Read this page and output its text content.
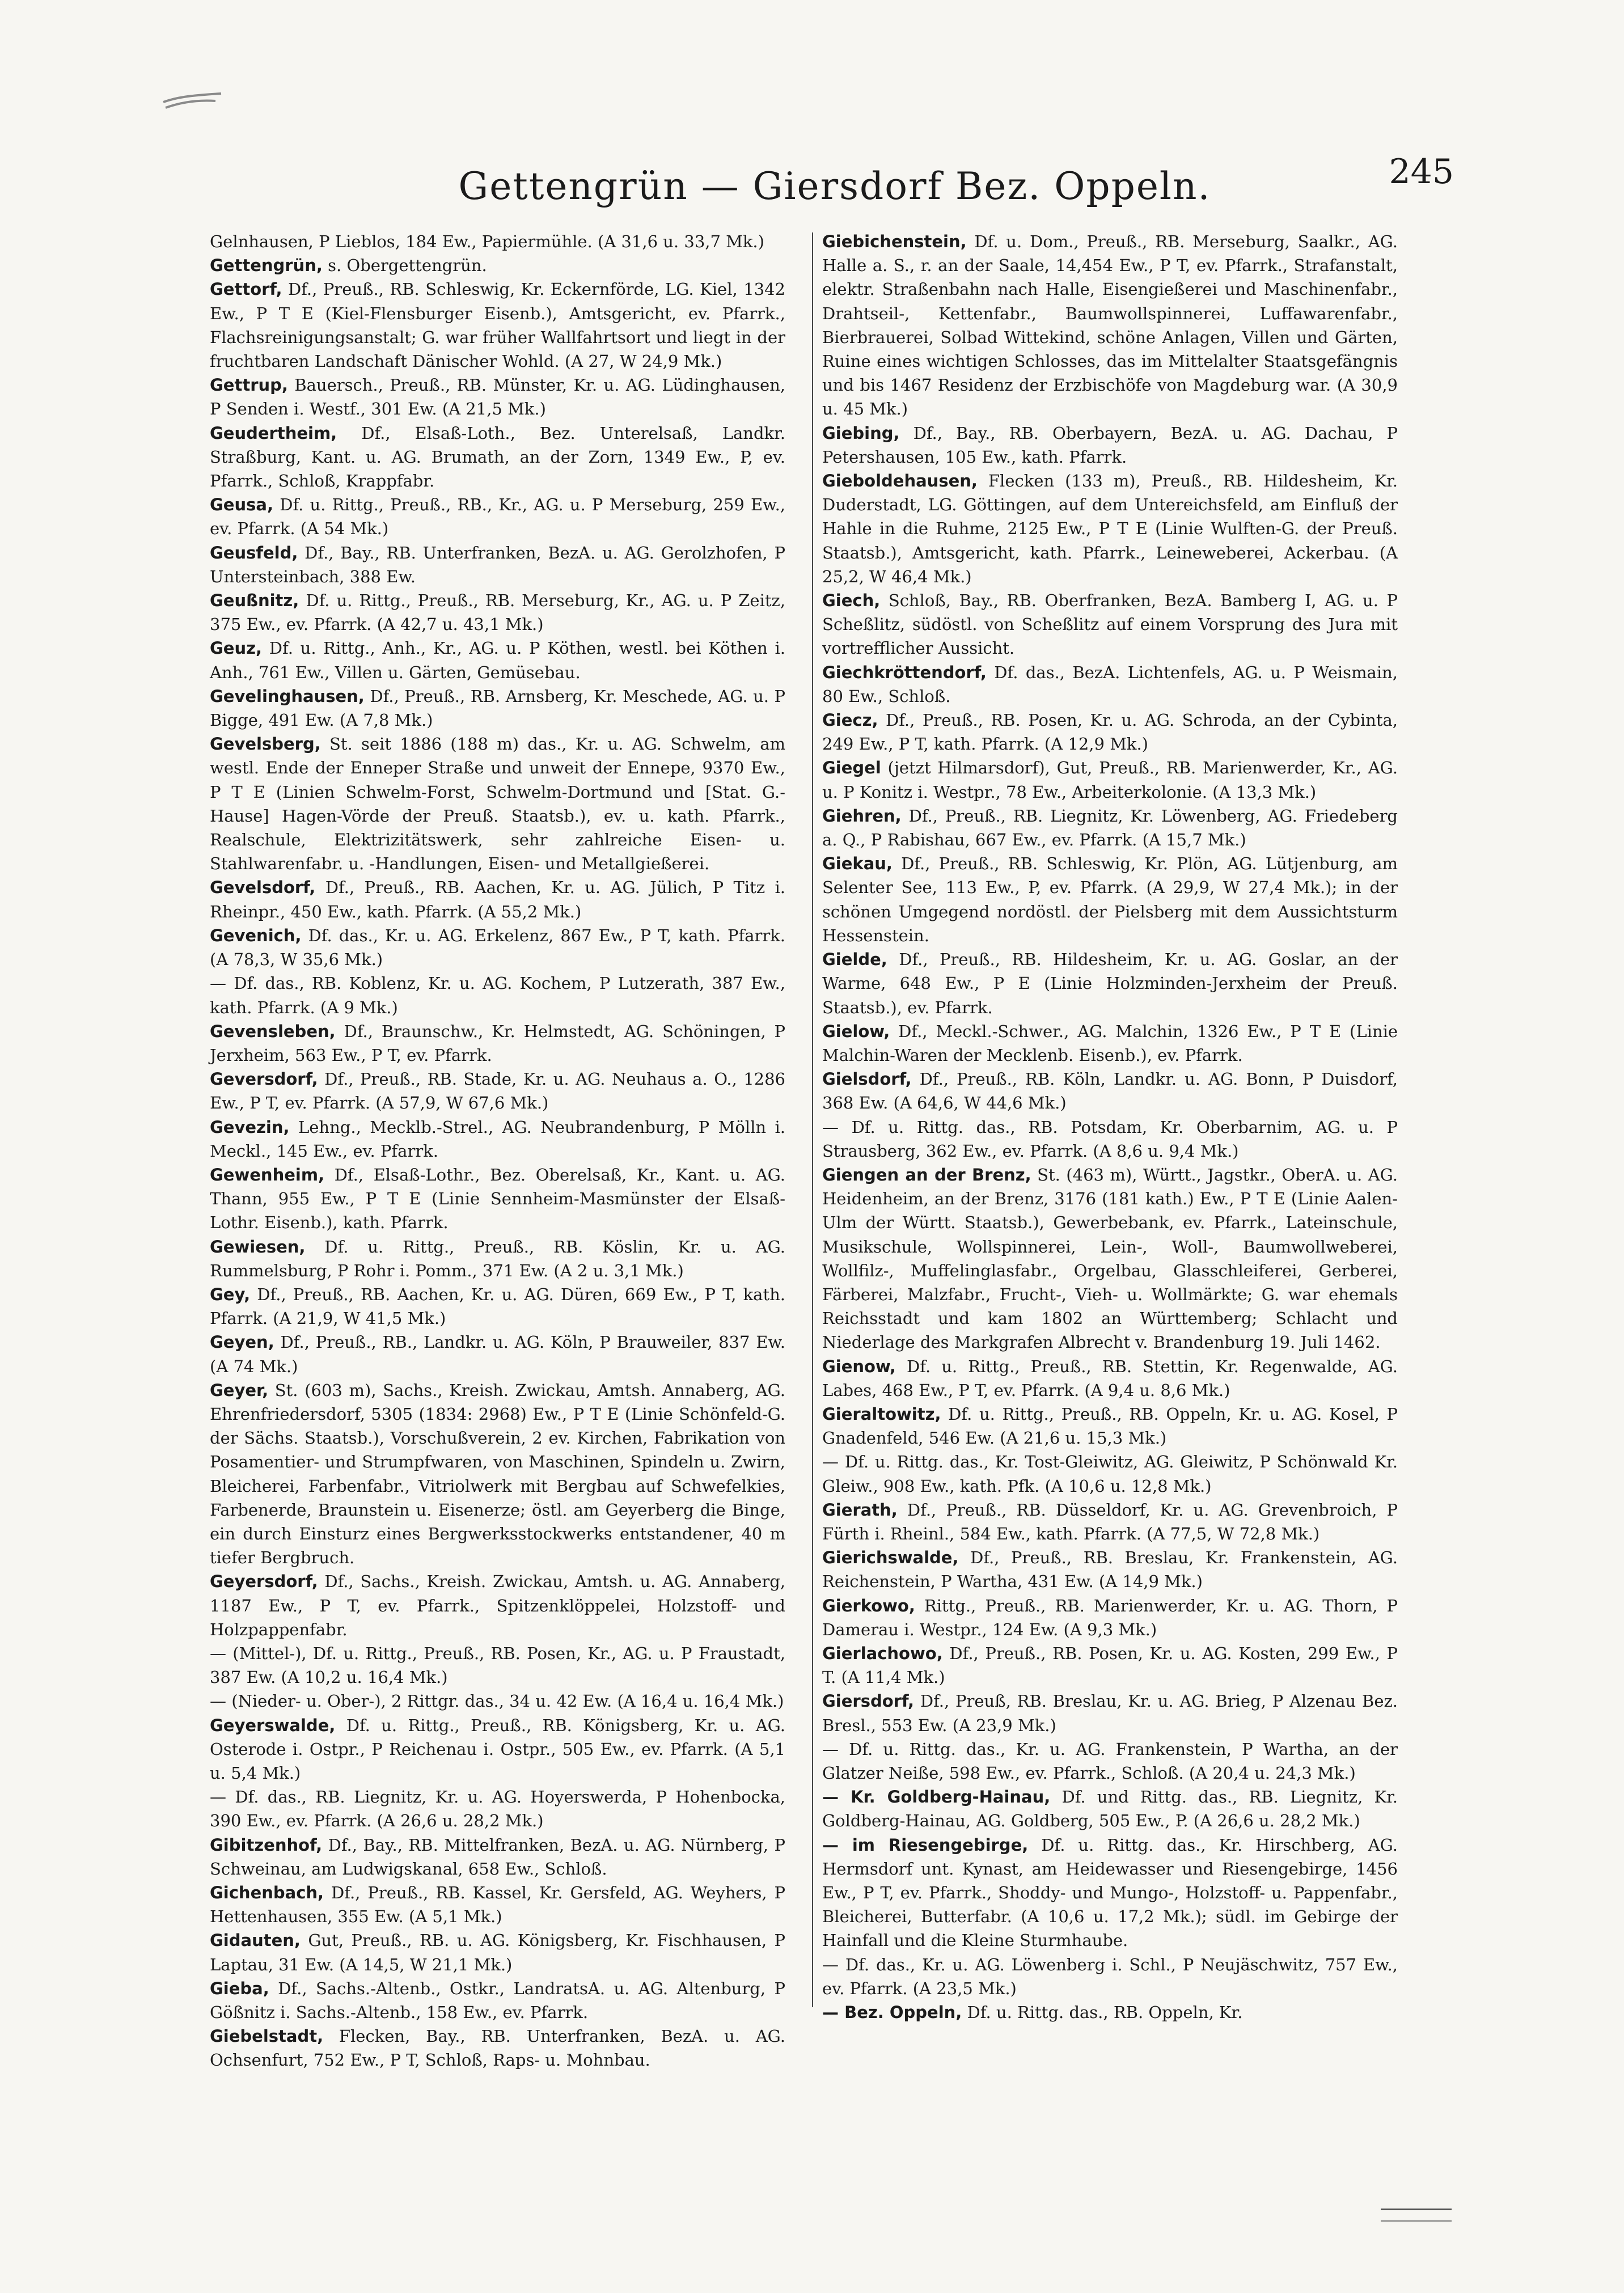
Gettengrün — Giersdorf Bez. Oppeln.	245

Gelnhausen, P Lieblos, 184 Ew., Papiermühle. (A 31,6 u. 33,7 Mk.)

Gettengrün, s. Obergettengrün.

Gettorf, Df., Preuß., RB. Schleswig, Kr. Eckernförde, LG. Kiel, 1342 Ew., P T E (Kiel-Flensburger Eisenb.), Amtsgericht, ev. Pfarrk., Flachsreinigungsanstalt; G. war früher Wallfahrtsort und liegt in der fruchtbaren Landschaft Dänischer Wohld. (A 27, W 24,9 Mk.)

Gettrup, Bauersch., Preuß., RB. Münster, Kr. u. AG. Lüdinghausen, P Senden i. Westf., 301 Ew. (A 21,5 Mk.)

Geudertheim, Df., Elsaß-Loth., Bez. Unterelsaß, Landkr. Straßburg, Kant. u. AG. Brumath, an der Zorn, 1349 Ew., P, ev. Pfarrk., Schloß, Krappfabr.

Geusa, Df. u. Rittg., Preuß., RB., Kr., AG. u. P Merseburg, 259 Ew., ev. Pfarrk. (A 54 Mk.)

Geusfeld, Df., Bay., RB. Unterfranken, BezA. u. AG. Gerolzhofen, P Untersteinbach, 388 Ew.

Geußnitz, Df. u. Rittg., Preuß., RB. Merseburg, Kr., AG. u. P Zeitz, 375 Ew., ev. Pfarrk. (A 42,7 u. 43,1 Mk.)

Geuz, Df. u. Rittg., Anh., Kr., AG. u. P Köthen, westl. bei Köthen i. Anh., 761 Ew., Villen u. Gärten, Gemüsebau.

Gevelinghausen, Df., Preuß., RB. Arnsberg, Kr. Meschede, AG. u. P Bigge, 491 Ew. (A 7,8 Mk.)

Gevelsberg, St. seit 1886 (188 m) das., Kr. u. AG. Schwelm, am westl. Ende der Enneper Straße und unweit der Ennepe, 9370 Ew., P T E (Linien Schwelm-Forst, Schwelm-Dortmund und [Stat. G.-Hause] Hagen-Vörde der Preuß. Staatsb.), ev. u. kath. Pfarrk., Realschule, Elektrizitätswerk, sehr zahlreiche Eisen- u. Stahlwarenfabr. u. -Handlungen, Eisen- und Metallgießerei.

Gevelsdorf, Df., Preuß., RB. Aachen, Kr. u. AG. Jülich, P Titz i. Rheinpr., 450 Ew., kath. Pfarrk. (A 55,2 Mk.)

Gevenich, Df. das., Kr. u. AG. Erkelenz, 867 Ew., P T, kath. Pfarrk. (A 78,3, W 35,6 Mk.)

— Df. das., RB. Koblenz, Kr. u. AG. Kochem, P Lutzerath, 387 Ew., kath. Pfarrk. (A 9 Mk.)

Gevensleben, Df., Braunschw., Kr. Helmstedt, AG. Schöningen, P Jerxheim, 563 Ew., P T, ev. Pfarrk.

Geversdorf, Df., Preuß., RB. Stade, Kr. u. AG. Neuhaus a. O., 1286 Ew., P T, ev. Pfarrk. (A 57,9, W 67,6 Mk.)

Gevezin, Lehng., Mecklb.-Strel., AG. Neubrandenburg, P Mölln i. Meckl., 145 Ew., ev. Pfarrk.

Gewenheim, Df., Elsaß-Lothr., Bez. Oberelsaß, Kr., Kant. u. AG. Thann, 955 Ew., P T E (Linie Sennheim-Masmünster der Elsaß-Lothr. Eisenb.), kath. Pfarrk.

Gewiesen, Df. u. Rittg., Preuß., RB. Köslin, Kr. u. AG. Rummelsburg, P Rohr i. Pomm., 371 Ew. (A 2 u. 3,1 Mk.)

Gey, Df., Preuß., RB. Aachen, Kr. u. AG. Düren, 669 Ew., P T, kath. Pfarrk. (A 21,9, W 41,5 Mk.)

Geyen, Df., Preuß., RB., Landkr. u. AG. Köln, P Brauweiler, 837 Ew. (A 74 Mk.)

Geyer, St. (603 m), Sachs., Kreish. Zwickau, Amtsh. Annaberg, AG. Ehrenfriedersdorf, 5305 (1834: 2968) Ew., P T E (Linie Schönfeld-G. der Sächs. Staatsb.), Vorschußverein, 2 ev. Kirchen, Fabrikation von Posamentier- und Strumpfwaren, von Maschinen, Spindeln u. Zwirn, Bleicherei, Farbenfabr., Vitriolwerk mit Bergbau auf Schwefelkies, Farbenerde, Braunstein u. Eisenerze; östl. am Geyerberg die Binge, ein durch Einsturz eines Bergwerksstockwerks entstandener, 40 m tiefer Bergbruch.

Geyersdorf, Df., Sachs., Kreish. Zwickau, Amtsh. u. AG. Annaberg, 1187 Ew., P T, ev. Pfarrk., Spitzenklöppelei, Holzstoff- und Holzpappenfabr.

— (Mittel-), Df. u. Rittg., Preuß., RB. Posen, Kr., AG. u. P Fraustadt, 387 Ew. (A 10,2 u. 16,4 Mk.)

— (Nieder- u. Ober-), 2 Rittgr. das., 34 u. 42 Ew. (A 16,4 u. 16,4 Mk.)

Geyerswalde, Df. u. Rittg., Preuß., RB. Königsberg, Kr. u. AG. Osterode i. Ostpr., P Reichenau i. Ostpr., 505 Ew., ev. Pfarrk. (A 5,1 u. 5,4 Mk.)

— Df. das., RB. Liegnitz, Kr. u. AG. Hoyerswerda, P Hohenbocka, 390 Ew., ev. Pfarrk. (A 26,6 u. 28,2 Mk.)

Gibitzenhof, Df., Bay., RB. Mittelfranken, BezA. u. AG. Nürnberg, P Schweinau, am Ludwigskanal, 658 Ew., Schloß.

Gichenbach, Df., Preuß., RB. Kassel, Kr. Gersfeld, AG. Weyhers, P Hettenhausen, 355 Ew. (A 5,1 Mk.)

Gidauten, Gut, Preuß., RB. u. AG. Königsberg, Kr. Fischhausen, P Laptau, 31 Ew. (A 14,5, W 21,1 Mk.)

Gieba, Df., Sachs.-Altenb., Ostkr., LandratsA. u. AG. Altenburg, P Gößnitz i. Sachs.-Altenb., 158 Ew., ev. Pfarrk.

Giebelstadt, Flecken, Bay., RB. Unterfranken, BezA. u. AG. Ochsenfurt, 752 Ew., P T, Schloß, Raps- u. Mohnbau.

Giebichenstein, Df. u. Dom., Preuß., RB. Merseburg, Saalkr., AG. Halle a. S., r. an der Saale, 14,454 Ew., P T, ev. Pfarrk., Strafanstalt, elektr. Straßenbahn nach Halle, Eisengießerei und Maschinenfabr., Drahtseil-, Kettenfabr., Baumwollspinnerei, Luffawarenfabr., Bierbrauerei, Solbad Wittekind, schöne Anlagen, Villen und Gärten, Ruine eines wichtigen Schlosses, das im Mittelalter Staatsgefängnis und bis 1467 Residenz der Erzbischöfe von Magdeburg war. (A 30,9 u. 45 Mk.)

Giebing, Df., Bay., RB. Oberbayern, BezA. u. AG. Dachau, P Petershausen, 105 Ew., kath. Pfarrk.

Gieboldehausen, Flecken (133 m), Preuß., RB. Hildesheim, Kr. Duderstadt, LG. Göttingen, auf dem Untereichsfeld, am Einfluß der Hahle in die Ruhme, 2125 Ew., P T E (Linie Wulften-G. der Preuß. Staatsb.), Amtsgericht, kath. Pfarrk., Leineweberei, Ackerbau. (A 25,2, W 46,4 Mk.)

Giech, Schloß, Bay., RB. Oberfranken, BezA. Bamberg I, AG. u. P Scheßlitz, südöstl. von Scheßlitz auf einem Vorsprung des Jura mit vortrefflicher Aussicht.

Giechkröttendorf, Df. das., BezA. Lichtenfels, AG. u. P Weismain, 80 Ew., Schloß.

Giecz, Df., Preuß., RB. Posen, Kr. u. AG. Schroda, an der Cybinta, 249 Ew., P T, kath. Pfarrk. (A 12,9 Mk.)

Giegel (jetzt Hilmarsdorf), Gut, Preuß., RB. Marienwerder, Kr., AG. u. P Konitz i. Westpr., 78 Ew., Arbeiterkolonie. (A 13,3 Mk.)

Giehren, Df., Preuß., RB. Liegnitz, Kr. Löwenberg, AG. Friedeberg a. Q., P Rabishau, 667 Ew., ev. Pfarrk. (A 15,7 Mk.)

Giekau, Df., Preuß., RB. Schleswig, Kr. Plön, AG. Lütjenburg, am Selenter See, 113 Ew., P, ev. Pfarrk. (A 29,9, W 27,4 Mk.); in der schönen Umgegend nordöstl. der Pielsberg mit dem Aussichtsturm Hessenstein.

Gielde, Df., Preuß., RB. Hildesheim, Kr. u. AG. Goslar, an der Warme, 648 Ew., P E (Linie Holzminden-Jerxheim der Preuß. Staatsb.), ev. Pfarrk.

Gielow, Df., Meckl.-Schwer., AG. Malchin, 1326 Ew., P T E (Linie Malchin-Waren der Mecklenb. Eisenb.), ev. Pfarrk.

Gielsdorf, Df., Preuß., RB. Köln, Landkr. u. AG. Bonn, P Duisdorf, 368 Ew. (A 64,6, W 44,6 Mk.)

— Df. u. Rittg. das., RB. Potsdam, Kr. Oberbarnim, AG. u. P Strausberg, 362 Ew., ev. Pfarrk. (A 8,6 u. 9,4 Mk.)

Giengen an der Brenz, St. (463 m), Württ., Jagstkr., OberA. u. AG. Heidenheim, an der Brenz, 3176 (181 kath.) Ew., P T E (Linie Aalen-Ulm der Württ. Staatsb.), Gewerbebank, ev. Pfarrk., Lateinschule, Musikschule, Wollspinnerei, Lein-, Woll-, Baumwollweberei, Wollfilz-, Muffelinglasfabr., Orgelbau, Glasschleiferei, Gerberei, Färberei, Malzfabr., Frucht-, Vieh- u. Wollmärkte; G. war ehemals Reichsstadt und kam 1802 an Württemberg; Schlacht und Niederlage des Markgrafen Albrecht v. Brandenburg 19. Juli 1462.

Gienow, Df. u. Rittg., Preuß., RB. Stettin, Kr. Regenwalde, AG. Labes, 468 Ew., P T, ev. Pfarrk. (A 9,4 u. 8,6 Mk.)

Gieraltowitz, Df. u. Rittg., Preuß., RB. Oppeln, Kr. u. AG. Kosel, P Gnadenfeld, 546 Ew. (A 21,6 u. 15,3 Mk.)

— Df. u. Rittg. das., Kr. Tost-Gleiwitz, AG. Gleiwitz, P Schönwald Kr. Gleiw., 908 Ew., kath. Pfk. (A 10,6 u. 12,8 Mk.)

Gierath, Df., Preuß., RB. Düsseldorf, Kr. u. AG. Grevenbroich, P Fürth i. Rheinl., 584 Ew., kath. Pfarrk. (A 77,5, W 72,8 Mk.)

Gierichswalde, Df., Preuß., RB. Breslau, Kr. Frankenstein, AG. Reichenstein, P Wartha, 431 Ew. (A 14,9 Mk.)

Gierkowo, Rittg., Preuß., RB. Marienwerder, Kr. u. AG. Thorn, P Damerau i. Westpr., 124 Ew. (A 9,3 Mk.)

Gierlachowo, Df., Preuß., RB. Posen, Kr. u. AG. Kosten, 299 Ew., P T. (A 11,4 Mk.)

Giersdorf, Df., Preuß, RB. Breslau, Kr. u. AG. Brieg, P Alzenau Bez. Bresl., 553 Ew. (A 23,9 Mk.)

— Df. u. Rittg. das., Kr. u. AG. Frankenstein, P Wartha, an der Glatzer Neiße, 598 Ew., ev. Pfarrk., Schloß. (A 20,4 u. 24,3 Mk.)

— Kr. Goldberg-Hainau, Df. und Rittg. das., RB. Liegnitz, Kr. Goldberg-Hainau, AG. Goldberg, 505 Ew., P. (A 26,6 u. 28,2 Mk.)

— im Riesengebirge, Df. u. Rittg. das., Kr. Hirschberg, AG. Hermsdorf unt. Kynast, am Heidewasser und Riesengebirge, 1456 Ew., P T, ev. Pfarrk., Shoddy- und Mungo-, Holzstoff- u. Pappenfabr., Bleicherei, Butterfabr. (A 10,6 u. 17,2 Mk.); südl. im Gebirge der Hainfall und die Kleine Sturmhaube.

— Df. das., Kr. u. AG. Löwenberg i. Schl., P Neujäschwitz, 757 Ew., ev. Pfarrk. (A 23,5 Mk.)

— Bez. Oppeln, Df. u. Rittg. das., RB. Oppeln, Kr.
